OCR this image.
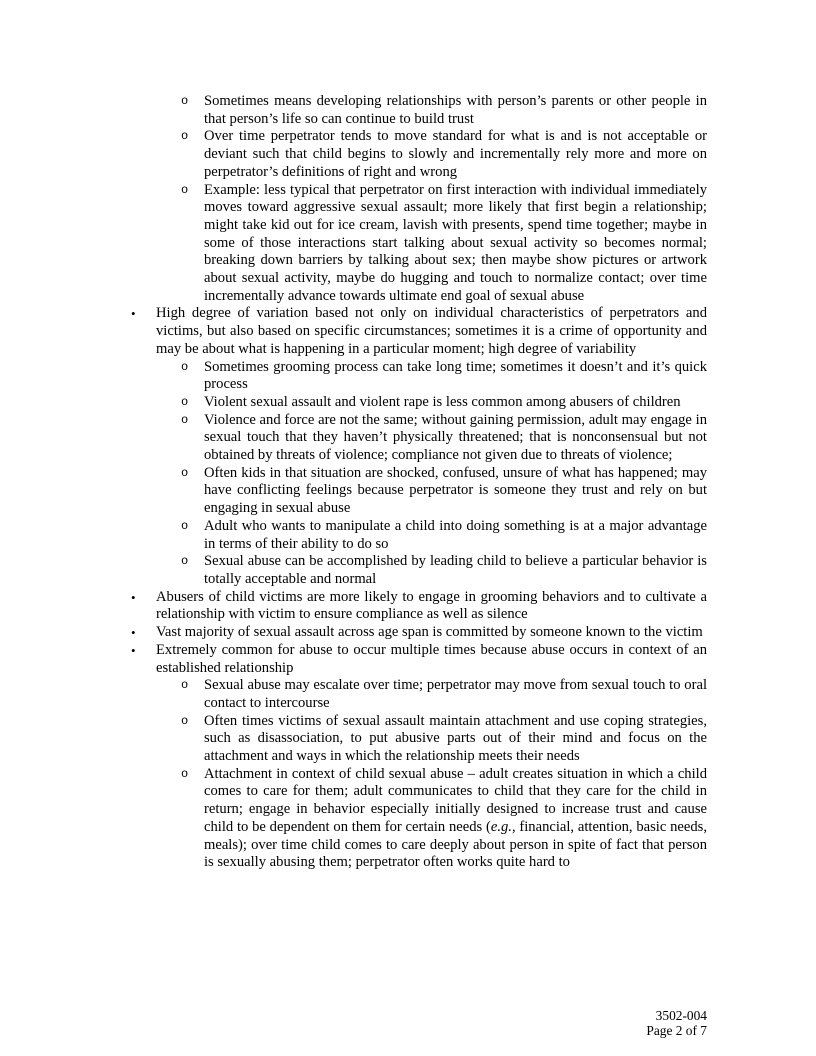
o	Sometimes means developing relationships with person’s parents or other people in that person’s life so can continue to build trust
o	Over time perpetrator tends to move standard for what is and is not acceptable or deviant such that child begins to slowly and incrementally rely more and more on perpetrator’s definitions of right and wrong
o	Example: less typical that perpetrator on first interaction with individual immediately moves toward aggressive sexual assault; more likely that first begin a relationship; might take kid out for ice cream, lavish with presents, spend time together; maybe in some of those interactions start talking about sexual activity so becomes normal; breaking down barriers by talking about sex; then maybe show pictures or artwork about sexual activity, maybe do hugging and touch to normalize contact; over time incrementally advance towards ultimate end goal of sexual abuse
•	High degree of variation based not only on individual characteristics of perpetrators and victims, but also based on specific circumstances; sometimes it is a crime of opportunity and may be about what is happening in a particular moment; high degree of variability
o	Sometimes grooming process can take long time; sometimes it doesn’t and it’s quick process
o	Violent sexual assault and violent rape is less common among abusers of children
o	Violence and force are not the same; without gaining permission, adult may engage in sexual touch that they haven’t physically threatened; that is nonconsensual but not obtained by threats of violence; compliance not given due to threats of violence;
o	Often kids in that situation are shocked, confused, unsure of what has happened; may have conflicting feelings because perpetrator is someone they trust and rely on but engaging in sexual abuse
o	Adult who wants to manipulate a child into doing something is at a major advantage in terms of their ability to do so
o	Sexual abuse can be accomplished by leading child to believe a particular behavior is totally acceptable and normal
•	Abusers of child victims are more likely to engage in grooming behaviors and to cultivate a relationship with victim to ensure compliance as well as silence
•	Vast majority of sexual assault across age span is committed by someone known to the victim
•	Extremely common for abuse to occur multiple times because abuse occurs in context of an established relationship
o	Sexual abuse may escalate over time; perpetrator may move from sexual touch to oral contact to intercourse
o	Often times victims of sexual assault maintain attachment and use coping strategies, such as disassociation, to put abusive parts out of their mind and focus on the attachment and ways in which the relationship meets their needs
o	Attachment in context of child sexual abuse – adult creates situation in which a child comes to care for them; adult communicates to child that they care for the child in return; engage in behavior especially initially designed to increase trust and cause child to be dependent on them for certain needs (e.g., financial, attention, basic needs, meals); over time child comes to care deeply about person in spite of fact that person is sexually abusing them; perpetrator often works quite hard to
3502-004
Page 2 of 7
